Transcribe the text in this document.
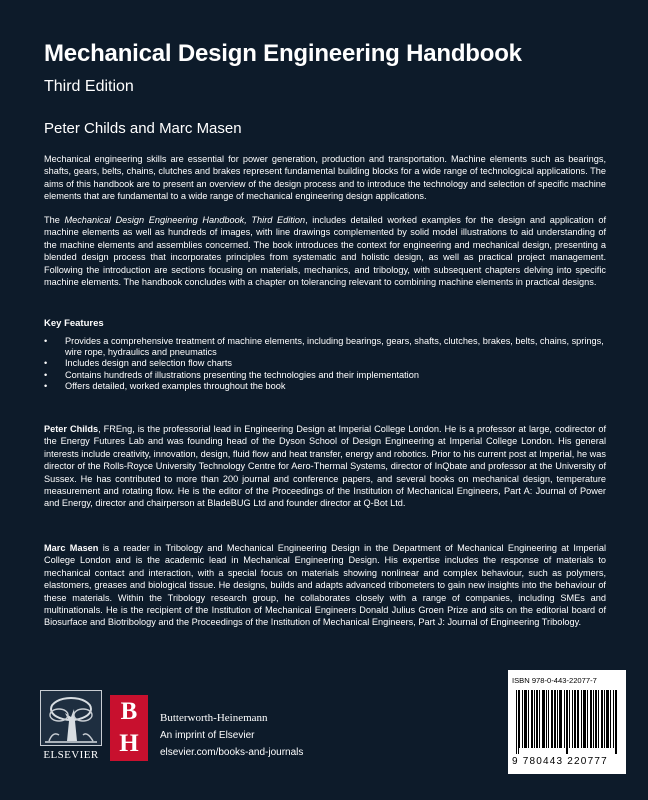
Mechanical Design Engineering Handbook
Third Edition
Peter Childs and Marc Masen

Mechanical engineering skills are essential for power generation, production and transportation. Machine elements such as bearings, shafts, gears, belts, chains, clutches and brakes represent fundamental building blocks for a wide range of technological applications. The aims of this handbook are to present an overview of the design process and to introduce the technology and selection of specific machine elements that are fundamental to a wide range of mechanical engineering design applications.

The Mechanical Design Engineering Handbook, Third Edition, includes detailed worked examples for the design and application of machine elements as well as hundreds of images, with line drawings complemented by solid model illustrations to aid understanding of the machine elements and assemblies concerned. The book introduces the context for engineering and mechanical design, presenting a blended design process that incorporates principles from systematic and holistic design, as well as practical project management. Following the introduction are sections focusing on materials, mechanics, and tribology, with subsequent chapters delving into specific machine elements. The handbook concludes with a chapter on tolerancing relevant to combining machine elements in practical designs.

Key Features
• Provides a comprehensive treatment of machine elements, including bearings, gears, shafts, clutches, brakes, belts, chains, springs, wire rope, hydraulics and pneumatics
• Includes design and selection flow charts
• Contains hundreds of illustrations presenting the technologies and their implementation
• Offers detailed, worked examples throughout the book

Peter Childs, FREng, is the professorial lead in Engineering Design at Imperial College London. He is a professor at large, codirector of the Energy Futures Lab and was founding head of the Dyson School of Design Engineering at Imperial College London. His general interests include creativity, innovation, design, fluid flow and heat transfer, energy and robotics. Prior to his current post at Imperial, he was director of the Rolls-Royce University Technology Centre for Aero-Thermal Systems, director of InQbate and professor at the University of Sussex. He has contributed to more than 200 journal and conference papers, and several books on mechanical design, temperature measurement and rotating flow. He is the editor of the Proceedings of the Institution of Mechanical Engineers, Part A: Journal of Power and Energy, director and chairperson at BladeBUG Ltd and founder director at Q-Bot Ltd.

Marc Masen is a reader in Tribology and Mechanical Engineering Design in the Department of Mechanical Engineering at Imperial College London and is the academic lead in Mechanical Engineering Design. His expertise includes the response of materials to mechanical contact and interaction, with a special focus on materials showing nonlinear and complex behaviour, such as polymers, elastomers, greases and biological tissue. He designs, builds and adapts advanced tribometers to gain new insights into the behaviour of these materials. Within the Tribology research group, he collaborates closely with a range of companies, including SMEs and multinationals. He is the recipient of the Institution of Mechanical Engineers Donald Julius Groen Prize and sits on the editorial board of Biosurface and Biotribology and the Proceedings of the Institution of Mechanical Engineers, Part J: Journal of Engineering Tribology.

ELSEVIER
B
H
Butterworth-Heinemann
An imprint of Elsevier
elsevier.com/books-and-journals
ISBN 978-0-443-22077-7
9 780443 220777
